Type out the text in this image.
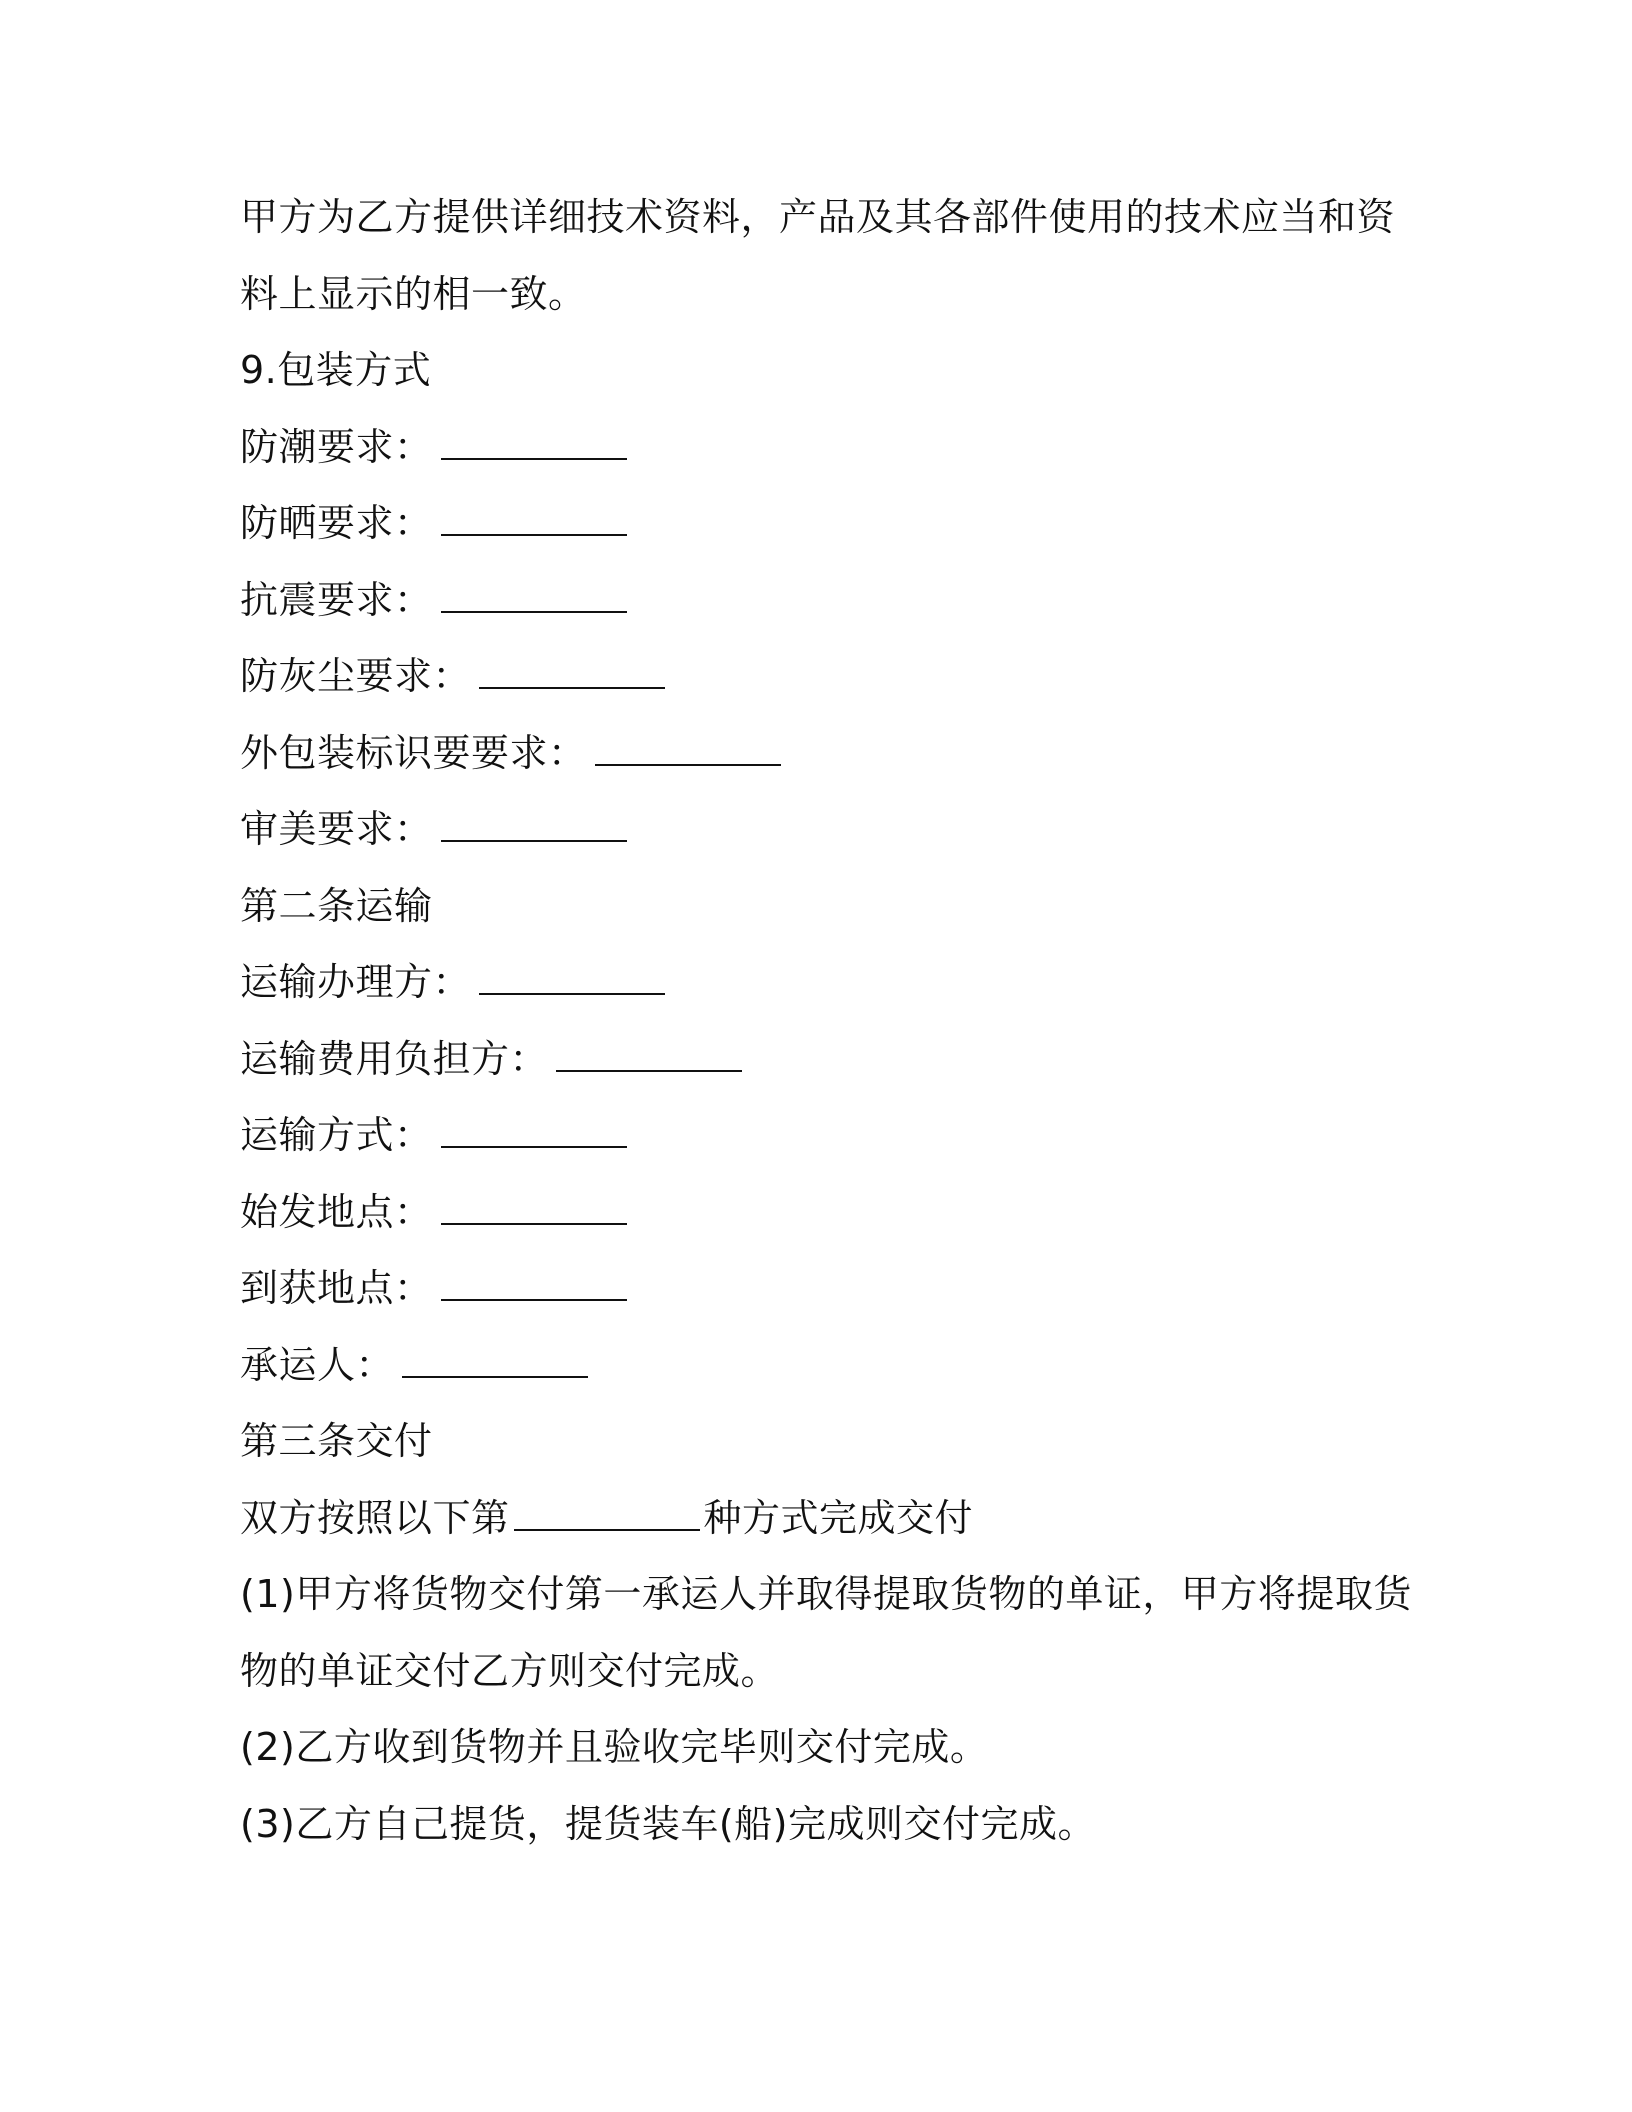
甲方为乙方提供详细技术资料，产品及其各部件使用的技术应当和资
料上显示的相一致。
9.包装方式
防潮要求：
防晒要求：
抗震要求：
防灰尘要求：
外包装标识要要求：
审美要求：
第二条运输
运输办理方：
运输费用负担方：
运输方式：
始发地点：
到获地点：
承运人：
第三条交付
双方按照以下第	种方式完成交付
(1)甲方将货物交付第一承运人并取得提取货物的单证，甲方将提取货
物的单证交付乙方则交付完成。
(2)乙方收到货物并且验收完毕则交付完成。
(3)乙方自己提货，提货装车(船)完成则交付完成。
